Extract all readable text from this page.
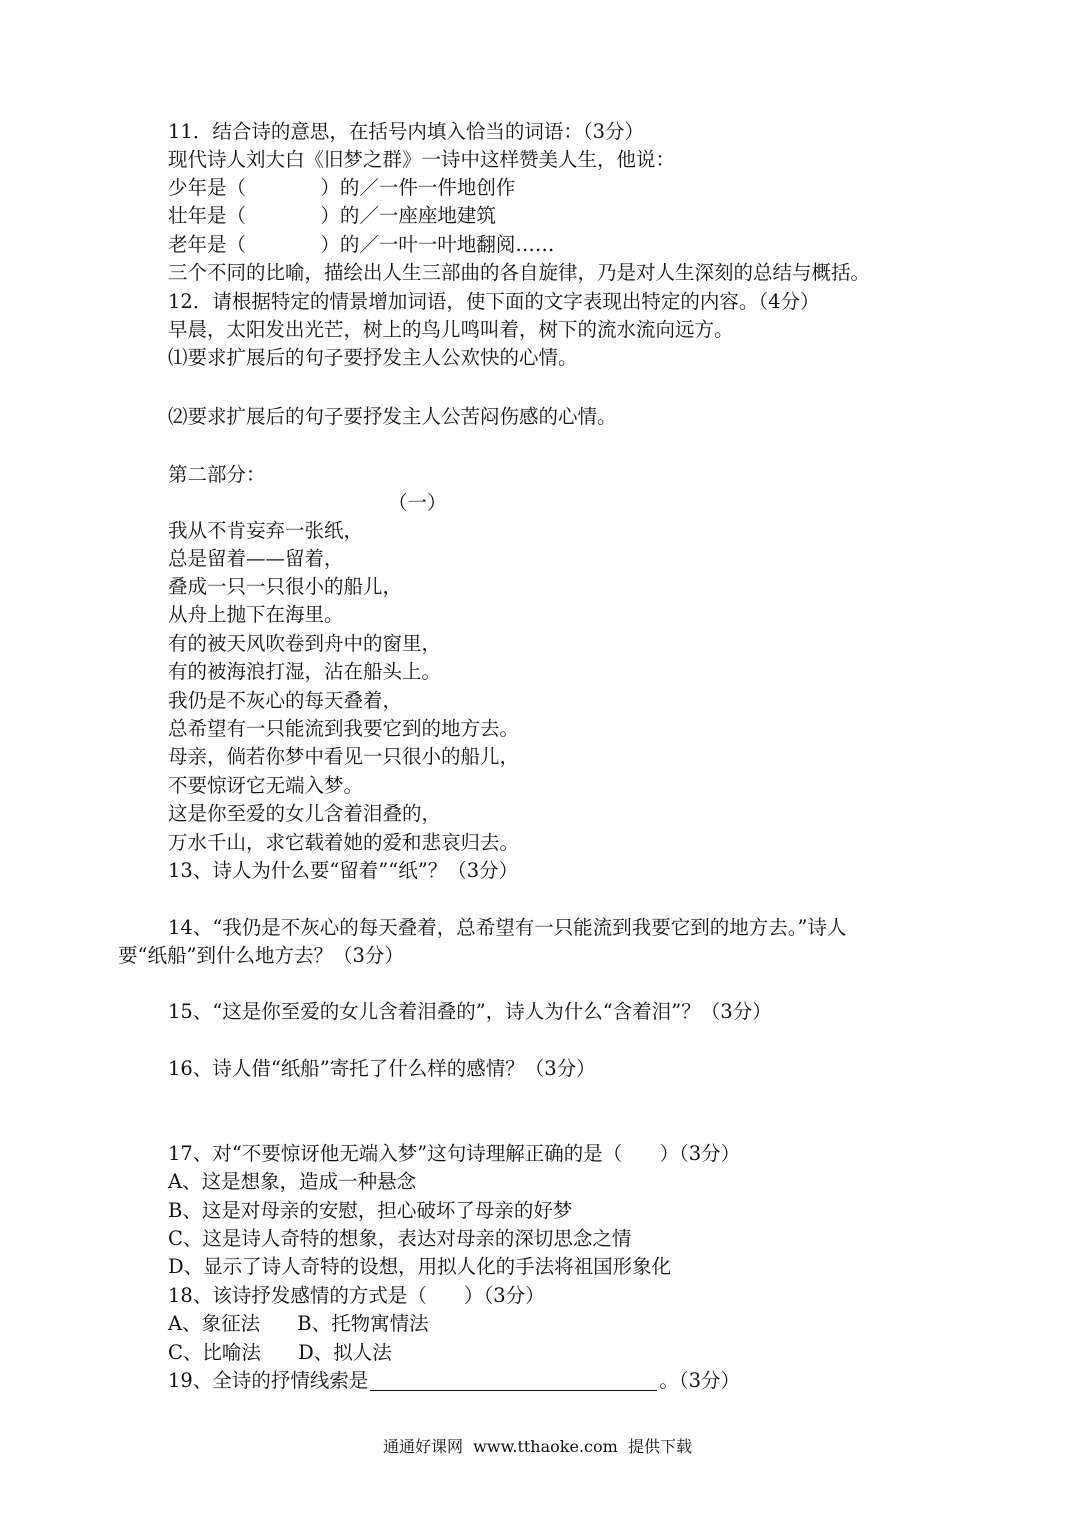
11．结合诗的意思，在括号内填入恰当的词语：（3分）
现代诗人刘大白《旧梦之群》一诗中这样赞美人生，他说：
少年是（            ）的／一件一件地创作
壮年是（            ）的／一座座地建筑
老年是（            ）的／一叶一叶地翻阅……
三个不同的比喻，描绘出人生三部曲的各自旋律，乃是对人生深刻的总结与概括。
12．请根据特定的情景增加词语，使下面的文字表现出特定的内容。（4分）
早晨，太阳发出光芒，树上的鸟儿鸣叫着，树下的流水流向远方。
⑴要求扩展后的句子要抒发主人公欢快的心情。
⑵要求扩展后的句子要抒发主人公苦闷伤感的心情。
第二部分：
（一）
我从不肯妄弃一张纸，
总是留着——留着，
叠成一只一只很小的船儿，
从舟上抛下在海里。
有的被天风吹卷到舟中的窗里，
有的被海浪打湿，沾在船头上。
我仍是不灰心的每天叠着，
总希望有一只能流到我要它到的地方去。
母亲，倘若你梦中看见一只很小的船儿，
不要惊讶它无端入梦。
这是你至爱的女儿含着泪叠的，
万水千山，求它载着她的爱和悲哀归去。
13、诗人为什么要“留着”“纸”？（3分）
14、“我仍是不灰心的每天叠着，总希望有一只能流到我要它到的地方去。”诗人
要“纸船”到什么地方去？（3分）
15、“这是你至爱的女儿含着泪叠的”，诗人为什么“含着泪”？（3分）
16、诗人借“纸船”寄托了什么样的感情？（3分）
17、对“不要惊讶他无端入梦”这句诗理解正确的是（      ）（3分）
A、这是想象，造成一种悬念
B、这是对母亲的安慰，担心破坏了母亲的好梦
C、这是诗人奇特的想象，表达对母亲的深切思念之情
D、显示了诗人奇特的设想，用拟人化的手法将祖国形象化
18、该诗抒发感情的方式是（      ）（3分）
A、象征法      B、托物寓情法
C、比喻法      D、拟人法
19、全诗的抒情线索是	。（3分）
通通好课网  www.tthaoke.com  提供下载
